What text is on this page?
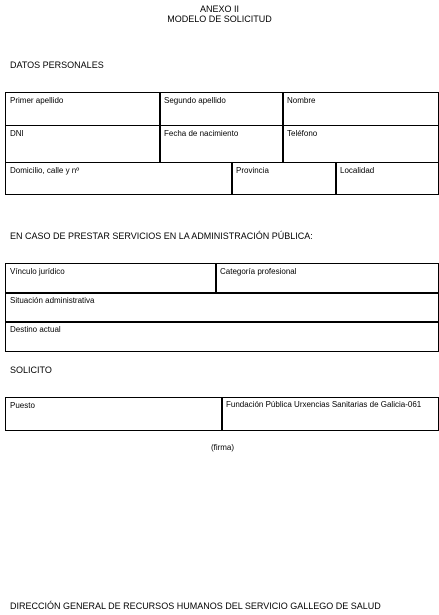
ANEXO II
MODELO DE SOLICITUD
DATOS PERSONALES
Primer apellido	Segundo apellido	Nombre
DNI	Fecha de nacimiento	Teléfono
Domicilio, calle y nº	Provincia	Localidad
EN CASO DE PRESTAR SERVICIOS EN LA ADMINISTRACIÓN PÚBLICA:
Vínculo jurídico	Categoría profesional
Situación administrativa
Destino actual
SOLICITO
Puesto	Fundación Pública Urxencias Sanitarias de Galicia-061
(firma)
DIRECCIÓN GENERAL DE RECURSOS HUMANOS DEL SERVICIO GALLEGO DE SALUD
